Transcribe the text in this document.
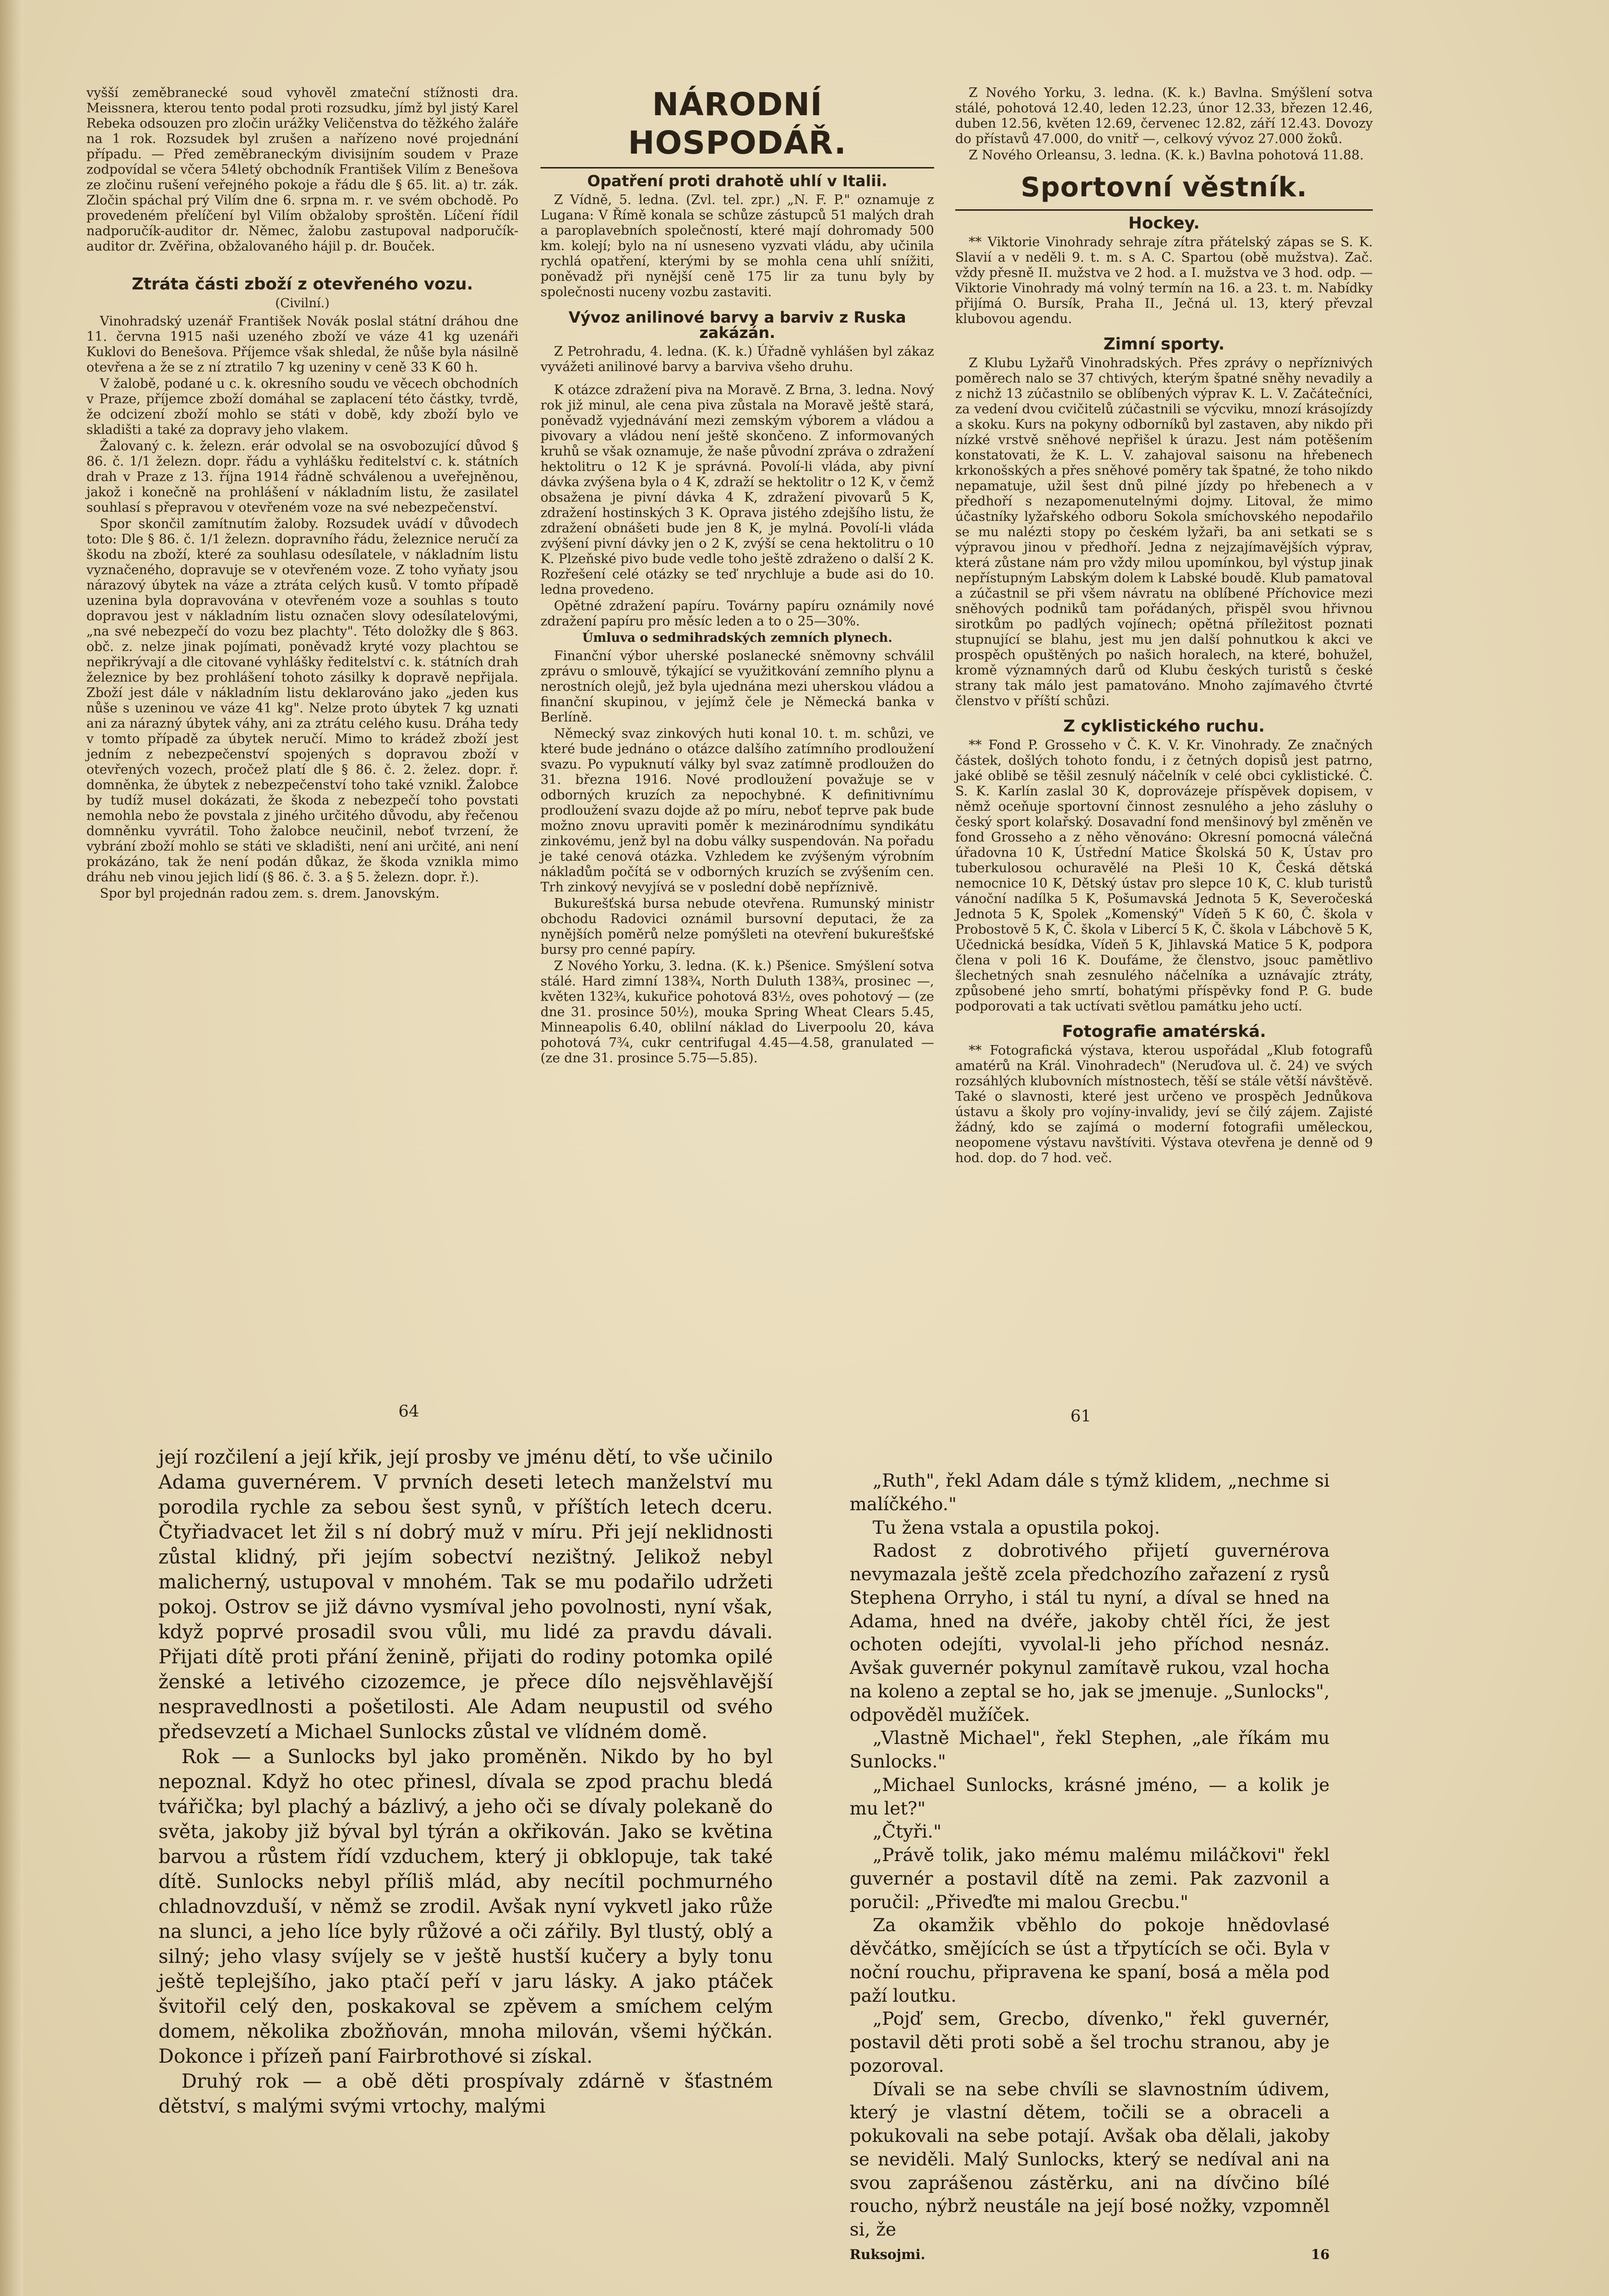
vyšší zeměbranecké soud vyhověl zmateční stížnosti dra. Meissnera, kterou tento podal proti rozsudku, jímž byl jistý Karel Rebeka odsouzen pro zločin urážky Veličenstva do těžkého žaláře na 1 rok. Rozsudek byl zrušen a nařízeno nové projednání případu. — Před zeměbraneckým divisijním soudem v Praze zodpovídal se včera 54letý obchodník František Vilím z Benešova ze zločinu rušení veřejného pokoje a řádu dle § 65. lit. a) tr. zák. Zločin spáchal prý Vilím dne 6. srpna m. r. ve svém obchodě. Po provedeném přelíčení byl Vilím obžaloby sproštěn. Líčení řídil nadporučík-auditor dr. Němec, žalobu zastupoval nadporučík-auditor dr. Zvěřina, obžalovaného hájil p. dr. Bouček.

Ztráta části zboží z otevřeného vozu.
(Civilní.)

Vinohradský uzenář František Novák poslal státní dráhou dne 11. června 1915 naši uzeného zboží ve váze 41 kg uzenáři Kuklovi do Benešova. Příjemce však shledal, že nůše byla násilně otevřena a že se z ní ztratilo 7 kg uzeniny v ceně 33 K 60 h.

V žalobě, podané u c. k. okresního soudu ve věcech obchodních v Praze, příjemce zboží domáhal se zaplacení této částky, tvrdě, že odcizení zboží mohlo se státi v době, kdy zboží bylo ve skladišti a také za dopravy jeho vlakem.

Žalovaný c. k. železn. erár odvolal se na osvobozující důvod § 86. č. 1/1 železn. dopr. řádu a vyhlášku ředitelství c. k. státních drah v Praze z 13. října 1914 řádně schválenou a uveřejněnou, jakož i konečně na prohlášení v nákladním listu, že zasilatel souhlasí s přepravou v otevřeném voze na své nebezpečenství.

Spor skončil zamítnutím žaloby. Rozsudek uvádí v důvodech toto: Dle § 86. č. 1/1 železn. dopravního řádu, železnice neručí za škodu na zboží, které za souhlasu odesílatele, v nákladním listu vyznačeného, dopravuje se v otevřeném voze. Z toho vyňaty jsou nárazový úbytek na váze a ztráta celých kusů. V tomto případě uzenina byla dopravována v otevřeném voze a souhlas s touto dopravou jest v nákladním listu označen slovy odesílatelovými, „na své nebezpečí do vozu bez plachty". Této doložky dle § 863. obč. z. nelze jinak pojímati, poněvadž kryté vozy plachtou se nepřikrývají a dle citované vyhlášky ředitelství c. k. státních drah železnice by bez prohlášení tohoto zásilky k dopravě nepřijala. Zboží jest dále v nákladním listu deklarováno jako „jeden kus nůše s uzeninou ve váze 41 kg". Nelze proto úbytek 7 kg uznati ani za nárazný úbytek váhy, ani za ztrátu celého kusu. Dráha tedy v tomto případě za úbytek neručí. Mimo to krádež zboží jest jedním z nebezpečenství spojených s dopravou zboží v otevřených vozech, pročež platí dle § 86. č. 2. želez. dopr. ř. domněnka, že úbytek z nebezpečenství toho také vznikl. Žalobce by tudíž musel dokázati, že škoda z nebezpečí toho povstati nemohla nebo že povstala z jiného určitého důvodu, aby řečenou domněnku vyvrátil. Toho žalobce neučinil, neboť tvrzení, že vybrání zboží mohlo se státi ve skladišti, není ani určité, ani není prokázáno, tak že není podán důkaz, že škoda vznikla mimo dráhu neb vinou jejich lidí (§ 86. č. 3. a § 5. železn. dopr. ř.).

Spor byl projednán radou zem. s. drem. Janovským.

NÁRODNÍ HOSPODÁŘ.
Opatření proti drahotě uhlí v Italii.

Z Vídně, 5. ledna. (Zvl. tel. zpr.) „N. F. P." oznamuje z Lugana: V Římě konala se schůze zástupců 51 malých drah a paroplavebních společností, které mají dohromady 500 km. kolejí; bylo na ní usneseno vyzvati vládu, aby učinila rychlá opatření, kterými by se mohla cena uhlí snížiti, poněvadž při nynější ceně 175 lir za tunu byly by společnosti nuceny vozbu zastaviti.

Vývoz anilinové barvy a barviv z Ruska zakázán.

Z Petrohradu, 4. ledna. (K. k.) Úřadně vyhlášen byl zákaz vyvážeti anilinové barvy a barviva všeho druhu.

K otázce zdražení piva na Moravě. Z Brna, 3. ledna. Nový rok již minul, ale cena piva zůstala na Moravě ještě stará, poněvadž vyjednávání mezi zemským výborem a vládou a pivovary a vládou není ještě skončeno. Z informovaných kruhů se však oznamuje, že naše původní zpráva o zdražení hektolitru o 12 K je správná. Povolí-li vláda, aby pivní dávka zvýšena byla o 4 K, zdraží se hektolitr o 12 K, v čemž obsažena je pivní dávka 4 K, zdražení pivovarů 5 K, zdražení hostinských 3 K. Oprava jistého zdejšího listu, že zdražení obnášeti bude jen 8 K, je mylná. Povolí-li vláda zvýšení pivní dávky jen o 2 K, zvýší se cena hektolitru o 10 K. Plzeňské pivo bude vedle toho ještě zdraženo o další 2 K. Rozřešení celé otázky se teď nrychluje a bude asi do 10. ledna provedeno.

Opětné zdražení papíru. Továrny papíru oznámily nové zdražení papíru pro měsíc leden a to o 25—30%.

Úmluva o sedmihradských zemních plynech.

Finanční výbor uherské poslanecké sněmovny schválil zprávu o smlouvě, týkající se využitkování zemního plynu a nerostních olejů, jež byla ujednána mezi uherskou vládou a finanční skupinou, v jejímž čele je Německá banka v Berlíně.

Německý svaz zinkových huti konal 10. t. m. schůzi, ve které bude jednáno o otázce dalšího zatímního prodloužení svazu. Po vypuknutí války byl svaz zatímně prodloužen do 31. března 1916. Nové prodloužení považuje se v odborných kruzích za nepochybné. K definitivnímu prodloužení svazu dojde až po míru, neboť teprve pak bude možno znovu upraviti poměr k mezinárodnímu syndikátu zinkovému, jenž byl na dobu války suspendován. Na pořadu je také cenová otázka. Vzhledem ke zvýšeným výrobním nákladům počítá se v odborných kruzích se zvýšením cen. Trh zinkový nevyjívá se v poslední době nepříznivě.

Bukurešťská bursa nebude otevřena. Rumunský ministr obchodu Radovici oznámil bursovní deputaci, že za nynějších poměrů nelze pomýšleti na otevření bukurešťské bursy pro cenné papíry.

Z Nového Yorku, 3. ledna. (K. k.) Pšenice. Smýšlení sotva stálé. Hard zimní 138¾, North Duluth 138¾, prosinec —, květen 132¾, kukuřice pohotová 83½, oves pohotový — (ze dne 31. prosince 50½), mouka Spring Wheat Clears 5.45, Minneapolis 6.40, oblilní náklad do Liverpoolu 20, káva pohotová 7¾, cukr centrifugal 4.45—4.58, granulated — (ze dne 31. prosince 5.75—5.85).

Z Nového Yorku, 3. ledna. (K. k.) Bavlna. Smýšlení sotva stálé, pohotová 12.40, leden 12.23, únor 12.33, březen 12.46, duben 12.56, květen 12.69, červenec 12.82, září 12.43. Dovozy do přístavů 47.000, do vnitř —, celkový vývoz 27.000 žoků.

Z Nového Orleansu, 3. ledna. (K. k.) Bavlna pohotová 11.88.

Sportovní věstník.
Hockey.

** Viktorie Vinohrady sehraje zítra přátelský zápas se S. K. Slavií a v neděli 9. t. m. s A. C. Spartou (obě mužstva). Zač. vždy přesně II. mužstva ve 2 hod. a I. mužstva ve 3 hod. odp. — Viktorie Vinohrady má volný termín na 16. a 23. t. m. Nabídky přijímá O. Bursík, Praha II., Ječná ul. 13, který převzal klubovou agendu.

Zimní sporty.

Z Klubu Lyžařů Vinohradských. Přes zprávy o nepříznivých poměrech nalo se 37 chtivých, kterým špatné sněhy nevadily a z nichž 13 zúčastnilo se oblíbených výprav K. L. V. Začátečníci, za vedení dvou cvičitelů zúčastnili se výcviku, mnozí krásojízdy a skoku. Kurs na pokyny odborníků byl zastaven, aby nikdo při nízké vrstvě sněhové nepřišel k úrazu. Jest nám potěšením konstatovati, že K. L. V. zahajoval saisonu na hřebenech krkonošských a přes sněhové poměry tak špatné, že toho nikdo nepamatuje, užil šest dnů pilné jízdy po hřebenech a v předhoří s nezapomenutelnými dojmy. Litoval, že mimo účastníky lyžařského odboru Sokola smíchovského nepodařilo se mu nalézti stopy po českém lyžaři, ba ani setkati se s výpravou jinou v předhoří. Jedna z nejzajímavějších výprav, která zůstane nám pro vždy milou upomínkou, byl výstup jinak nepřístupným Labským dolem k Labské boudě. Klub pamatoval a zúčastnil se při všem návratu na oblíbené Příchovice mezi sněhových podniků tam pořádaných, přispěl svou hřivnou sirotkům po padlých vojínech; opětná příležitost poznati stupnující se blahu, jest mu jen další pohnutkou k akci ve prospěch opuštěných po našich horalech, na které, bohužel, kromě významných darů od Klubu českých turistů s české strany tak málo jest pamatováno. Mnoho zajímavého čtvrté členstvo v příští schůzi.

Z cyklistického ruchu.

** Fond P. Grosseho v Č. K. V. Kr. Vinohrady. Ze značných částek, došlých tohoto fondu, i z četných dopisů jest patrno, jaké oblibě se těšil zesnulý náčelník v celé obci cyklistické. Č. S. K. Karlín zaslal 30 K, doprovázeje příspěvek dopisem, v němž oceňuje sportovní činnost zesnulého a jeho zásluhy o český sport kolařský. Dosavadní fond menšinový byl změněn ve fond Grosseho a z něho věnováno: Okresní pomocná válečná úřadovna 10 K, Ústřední Matice Školská 50 K, Ústav pro tuberkulosou ochuravělé na Pleši 10 K, Česká dětská nemocnice 10 K, Dětský ústav pro slepce 10 K, C. klub turistů vánoční nadílka 5 K, Pošumavská Jednota 5 K, Severočeská Jednota 5 K, Spolek „Komenský" Vídeň 5 K 60, Č. škola v Probostově 5 K, Č. škola v Libercí 5 K, Č. škola v Lábchově 5 K, Učednická besídka, Vídeň 5 K, Jihlavská Matice 5 K, podpora člena v poli 16 K. Doufáme, že členstvo, jsouc pamětlivo šlechetných snah zesnulého náčelníka a uznávajíc ztráty, způsobené jeho smrtí, bohatými příspěvky fond P. G. bude podporovati a tak uctívati světlou památku jeho uctí.

Fotografie amatérská.

** Fotografická výstava, kterou uspořádal „Klub fotografů amatérů na Král. Vinohradech" (Neruďova ul. č. 24) ve svých rozsáhlých klubovních místnostech, těší se stále větší návštěvě. Také o slavnosti, které jest určeno ve prospěch Jednůkova ústavu a školy pro vojíny-invalidy, jeví se čilý zájem. Zajisté žádný, kdo se zajímá o moderní fotografii uměleckou, neopomene výstavu navštíviti. Výstava otevřena je denně od 9 hod. dop. do 7 hod. več.

64	61

její rozčilení a její křik, její prosby ve jménu dětí, to vše učinilo Adama guvernérem. V prvních deseti letech manželství mu porodila rychle za sebou šest synů, v příštích letech dceru. Čtyřiadvacet let žil s ní dobrý muž v míru. Při její neklidnosti zůstal klidný, při jejím sobectví nezištný. Jelikož nebyl malicherný, ustupoval v mnohém. Tak se mu podařilo udržeti pokoj. Ostrov se již dávno vysmíval jeho povolnosti, nyní však, když poprvé prosadil svou vůli, mu lidé za pravdu dávali. Přijati dítě proti přání ženině, přijati do rodiny potomka opilé ženské a letivého cizozemce, je přece dílo nejsvěhlavější nespravedlnosti a pošetilosti. Ale Adam neupustil od svého předsevzetí a Michael Sunlocks zůstal ve vlídném domě.

Rok — a Sunlocks byl jako proměněn. Nikdo by ho byl nepoznal. Když ho otec přinesl, dívala se zpod prachu bledá tvářička; byl plachý a bázlivý, a jeho oči se dívaly polekaně do světa, jakoby již býval byl týrán a okřikován. Jako se květina barvou a růstem řídí vzduchem, který ji obklopuje, tak také dítě. Sunlocks nebyl příliš mlád, aby necítil pochmurného chladnovzduší, v němž se zrodil. Avšak nyní vykvetl jako růže na slunci, a jeho líce byly růžové a oči zářily. Byl tlustý, oblý a silný; jeho vlasy svíjely se v ještě hustší kučery a byly tonu ještě teplejšího, jako ptačí peří v jaru lásky. A jako ptáček švitořil celý den, poskakoval se zpěvem a smíchem celým domem, několika zbožňován, mnoha milován, všemi hýčkán. Dokonce i přízeň paní Fairbrothové si získal.

Druhý rok — a obě děti prospívaly zdárně v šťastném dětství, s malými svými vrtochy, malými

„Ruth", řekl Adam dále s týmž klidem, „nechme si malíčkého."

Tu žena vstala a opustila pokoj.

Radost z dobrotivého přijetí guvernérova nevymazala ještě zcela předchozího zařazení z rysů Stephena Orryho, i stál tu nyní, a díval se hned na Adama, hned na dvéře, jakoby chtěl říci, že jest ochoten odejíti, vyvolal-li jeho příchod nesnáz. Avšak guvernér pokynul zamítavě rukou, vzal hocha na koleno a zeptal se ho, jak se jmenuje. „Sunlocks", odpověděl mužíček.

„Vlastně Michael", řekl Stephen, „ale říkám mu Sunlocks."

„Michael Sunlocks, krásné jméno, — a kolik je mu let?"

„Čtyři."

„Právě tolik, jako mému malému miláčkovi" řekl guvernér a postavil dítě na zemi. Pak zazvonil a poručil: „Přiveďte mi malou Grecbu."

Za okamžik vběhlo do pokoje hnědovlasé děvčátko, smějících se úst a třpytících se oči. Byla v noční rouchu, připravena ke spaní, bosá a měla pod paží loutku.

„Pojď sem, Grecbo, dívenko," řekl guvernér, postavil děti proti sobě a šel trochu stranou, aby je pozoroval.

Dívali se na sebe chvíli se slavnostním údivem, který je vlastní dětem, točili se a obraceli a pokukovali na sebe potají. Avšak oba dělali, jakoby se neviděli. Malý Sunlocks, který se nedíval ani na svou zaprášenou zástěrku, ani na dívčino bílé roucho, nýbrž neustále na její bosé nožky, vzpomněl si, že

Ruksojmi.	16
